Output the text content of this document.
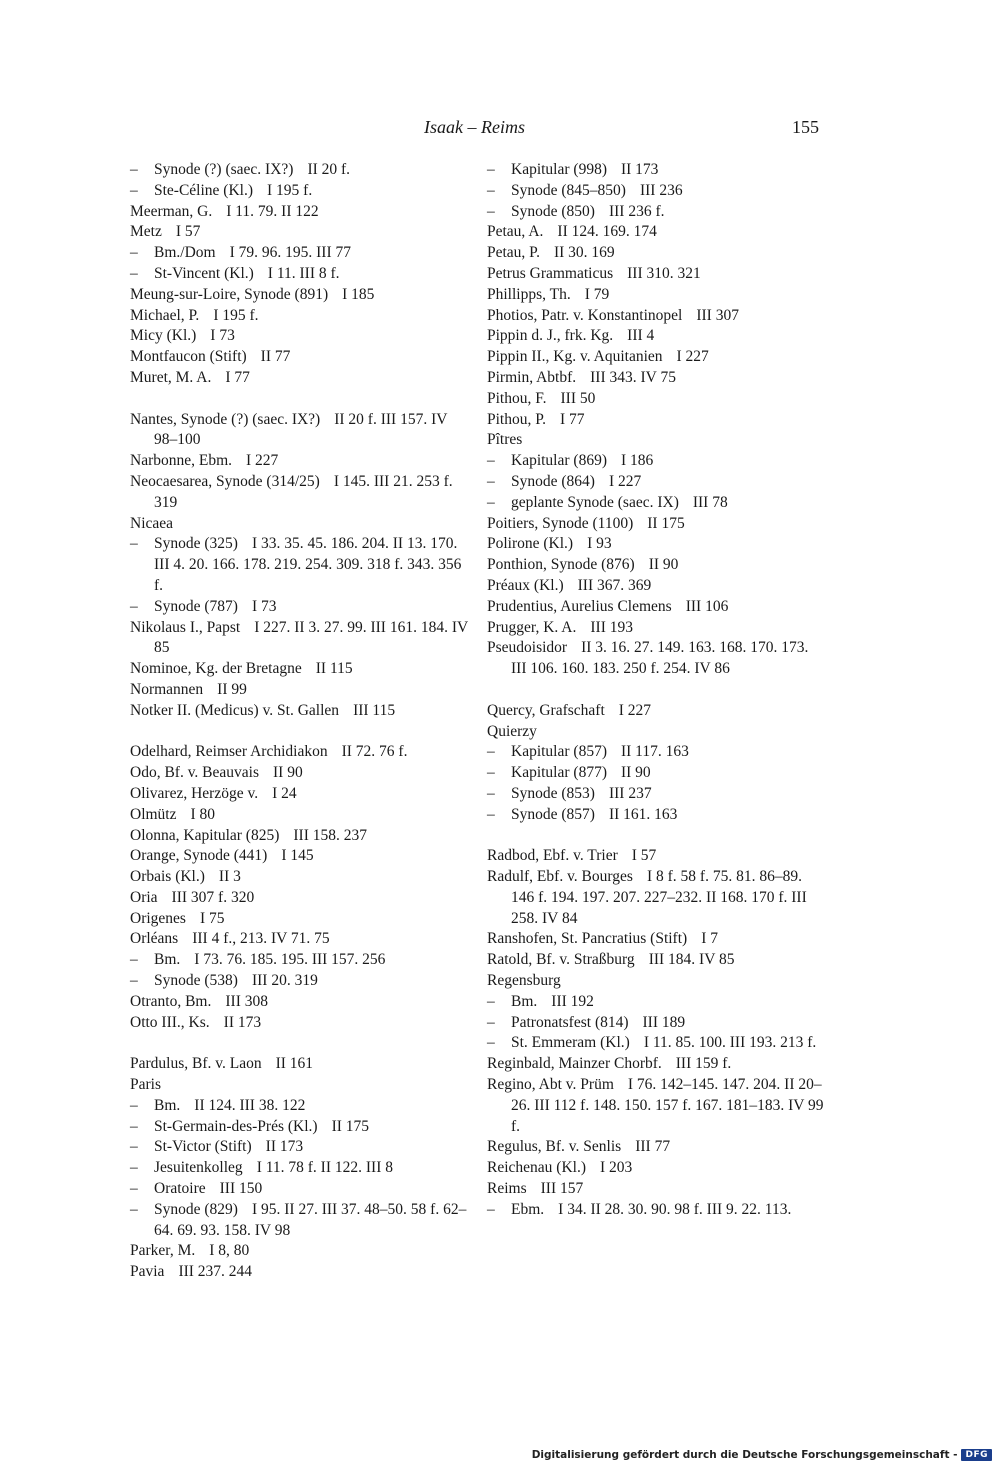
Isaak – Reims	155
–	Synode (?) (saec. IX?) II 20 f.
–	Ste-Céline (Kl.) I 195 f.
Meerman, G. I 11. 79. II 122
Metz I 57
–	Bm./Dom I 79. 96. 195. III 77
–	St-Vincent (Kl.) I 11. III 8 f.
Meung-sur-Loire, Synode (891) I 185
Michael, P. I 195 f.
Micy (Kl.) I 73
Montfaucon (Stift) II 77
Muret, M. A. I 77
Nantes, Synode (?) (saec. IX?) II 20 f. III 157. IV 98–100
Narbonne, Ebm. I 227
Neocaesarea, Synode (314/25) I 145. III 21. 253 f. 319
Nicaea
–	Synode (325) I 33. 35. 45. 186. 204. II 13. 170. III 4. 20. 166. 178. 219. 254. 309. 318 f. 343. 356 f.
–	Synode (787) I 73
Nikolaus I., Papst I 227. II 3. 27. 99. III 161. 184. IV 85
Nominoe, Kg. der Bretagne II 115
Normannen II 99
Notker II. (Medicus) v. St. Gallen III 115
Odelhard, Reimser Archidiakon II 72. 76 f.
Odo, Bf. v. Beauvais II 90
Olivarez, Herzöge v. I 24
Olmütz I 80
Olonna, Kapitular (825) III 158. 237
Orange, Synode (441) I 145
Orbais (Kl.) II 3
Oria III 307 f. 320
Origenes I 75
Orléans III 4 f., 213. IV 71. 75
–	Bm. I 73. 76. 185. 195. III 157. 256
–	Synode (538) III 20. 319
Otranto, Bm. III 308
Otto III., Ks. II 173
Pardulus, Bf. v. Laon II 161
Paris
–	Bm. II 124. III 38. 122
–	St-Germain-des-Prés (Kl.) II 175
–	St-Victor (Stift) II 173
–	Jesuitenkolleg I 11. 78 f. II 122. III 8
–	Oratoire III 150
–	Synode (829) I 95. II 27. III 37. 48–50. 58 f. 62–64. 69. 93. 158. IV 98
Parker, M. I 8, 80
Pavia III 237. 244
–	Kapitular (998) II 173
–	Synode (845–850) III 236
–	Synode (850) III 236 f.
Petau, A. II 124. 169. 174
Petau, P. II 30. 169
Petrus Grammaticus III 310. 321
Phillipps, Th. I 79
Photios, Patr. v. Konstantinopel III 307
Pippin d. J., frk. Kg. III 4
Pippin II., Kg. v. Aquitanien I 227
Pirmin, Abtbf. III 343. IV 75
Pithou, F. III 50
Pithou, P. I 77
Pîtres
–	Kapitular (869) I 186
–	Synode (864) I 227
–	geplante Synode (saec. IX) III 78
Poitiers, Synode (1100) II 175
Polirone (Kl.) I 93
Ponthion, Synode (876) II 90
Préaux (Kl.) III 367. 369
Prudentius, Aurelius Clemens III 106
Prugger, K. A. III 193
Pseudoisidor II 3. 16. 27. 149. 163. 168. 170. 173. III 106. 160. 183. 250 f. 254. IV 86
Quercy, Grafschaft I 227
Quierzy
–	Kapitular (857) II 117. 163
–	Kapitular (877) II 90
–	Synode (853) III 237
–	Synode (857) II 161. 163
Radbod, Ebf. v. Trier I 57
Radulf, Ebf. v. Bourges I 8 f. 58 f. 75. 81. 86–89. 146 f. 194. 197. 207. 227–232. II 168. 170 f. III 258. IV 84
Ranshofen, St. Pancratius (Stift) I 7
Ratold, Bf. v. Straßburg III 184. IV 85
Regensburg
–	Bm. III 192
–	Patronatsfest (814) III 189
–	St. Emmeram (Kl.) I 11. 85. 100. III 193. 213 f.
Reginbald, Mainzer Chorbf. III 159 f.
Regino, Abt v. Prüm I 76. 142–145. 147. 204. II 20–26. III 112 f. 148. 150. 157 f. 167. 181–183. IV 99 f.
Regulus, Bf. v. Senlis III 77
Reichenau (Kl.) I 203
Reims III 157
–	Ebm. I 34. II 28. 30. 90. 98 f. III 9. 22. 113.
Digitalisierung gefördert durch die Deutsche Forschungsgemeinschaft - DFG
